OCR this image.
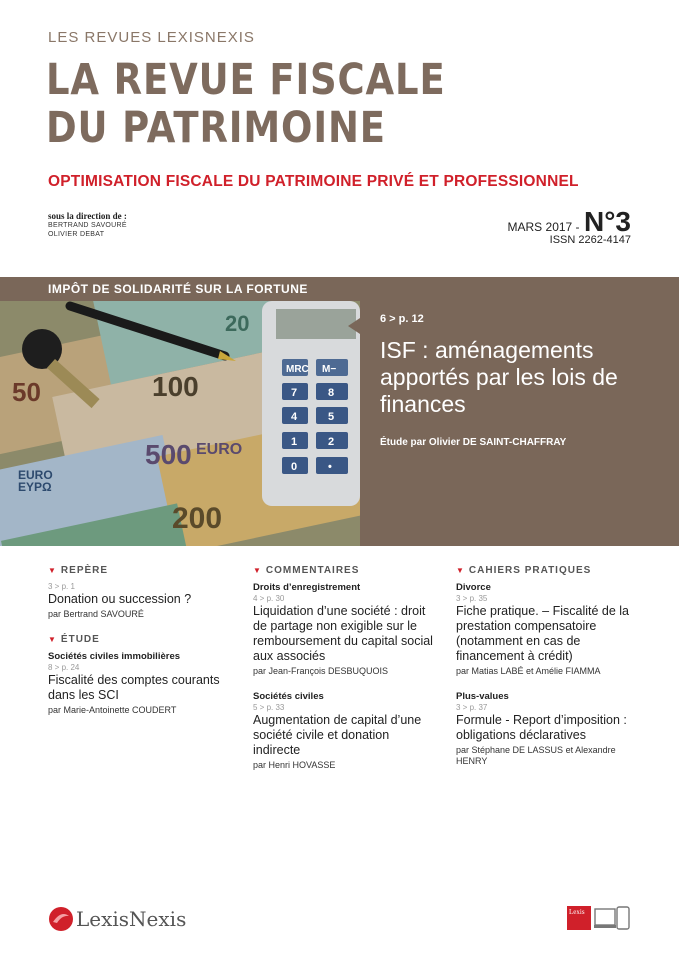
LES REVUES LEXISNEXIS
LA REVUE FISCALE
DU PATRIMOINE
OPTIMISATION FISCALE DU PATRIMOINE PRIVÉ ET PROFESSIONNEL
sous la direction de :
BERTRAND SAVOURÉ
OLIVIER DEBAT
MARS 2017 - N°3
ISSN 2262-4147
IMPÔT DE SOLIDARITÉ SUR LA FORTUNE
100
500
200
50
20
EURO
EURO
EYPΩ
MRC M−
7	8
4	5
1	2
0	•
6 > p. 12
ISF : aménagements apportés par les lois de finances
Étude par Olivier DE SAINT-CHAFFRAY
▼ REPÈRE
3 > p. 1
Donation ou succession ?
par Bertrand SAVOURÉ
▼ ÉTUDE
Sociétés civiles immobilières
8 > p. 24
Fiscalité des comptes courants dans les SCI
par Marie-Antoinette COUDERT
▼ COMMENTAIRES
Droits d’enregistrement
4 > p. 30
Liquidation d’une société : droit de partage non exigible sur le remboursement du capital social aux associés
par Jean-François DESBUQUOIS
Sociétés civiles
5 > p. 33
Augmentation de capital d’une société civile et donation indirecte
par Henri HOVASSE
▼ CAHIERS PRATIQUES
Divorce
3 > p. 35
Fiche pratique. – Fiscalité de la prestation compensatoire (notamment en cas de financement à crédit)
par Matias LABÉ et Amélie FIAMMA
Plus-values
3 > p. 37
Formule - Report d’imposition : obligations déclaratives
par Stéphane DE LASSUS et Alexandre HENRY
LexisNexis	Lexis
